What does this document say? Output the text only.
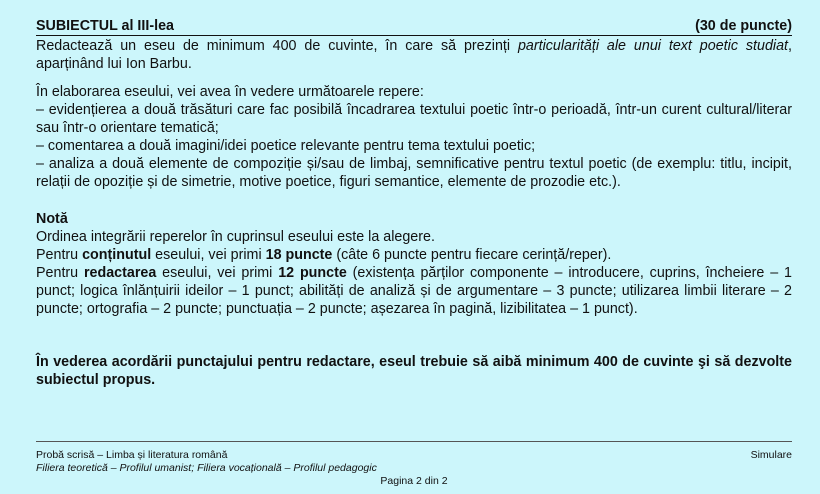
SUBIECTUL al III-lea	(30 de puncte)
Redactează un eseu de minimum 400 de cuvinte, în care să prezinți particularități ale unui text poetic studiat, aparținând lui Ion Barbu.
În elaborarea eseului, vei avea în vedere următoarele repere:
– evidențierea a două trăsături care fac posibilă încadrarea textului poetic într-o perioadă, într-un curent cultural/literar sau într-o orientare tematică;
– comentarea a două imagini/idei poetice relevante pentru tema textului poetic;
– analiza a două elemente de compoziție și/sau de limbaj, semnificative pentru textul poetic (de exemplu: titlu, incipit, relații de opoziție și de simetrie, motive poetice, figuri semantice, elemente de prozodie etc.).
Notă
Ordinea integrării reperelor în cuprinsul eseului este la alegere.
Pentru conținutul eseului, vei primi 18 puncte (câte 6 puncte pentru fiecare cerință/reper).
Pentru redactarea eseului, vei primi 12 puncte (existența părților componente – introducere, cuprins, încheiere – 1 punct; logica înlănțuirii ideilor – 1 punct; abilități de analiză și de argumentare – 3 puncte; utilizarea limbii literare – 2 puncte; ortografia – 2 puncte; punctuația – 2 puncte; așezarea în pagină, lizibilitatea – 1 punct).
În vederea acordării punctajului pentru redactare, eseul trebuie să aibă minimum 400 de cuvinte şi să dezvolte subiectul propus.
Probă scrisă – Limba și literatura română	Simulare
Filiera teoretică – Profilul umanist; Filiera vocațională – Profilul pedagogic
Pagina 2 din 2
